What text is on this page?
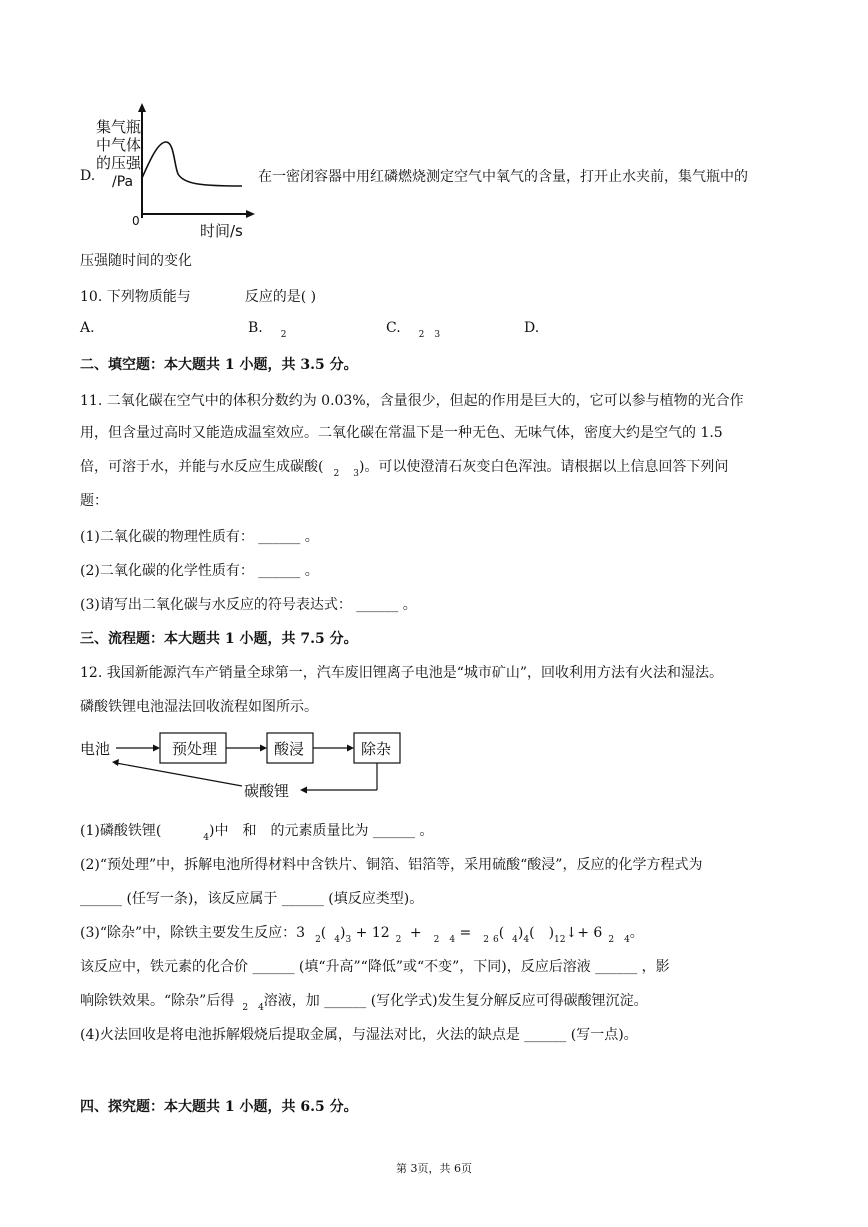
D.
集气瓶
中气体
的压强
/Pa
0
时间/s
在一密闭容器中用红磷燃烧测定空气中氧气的含量，打开止水夹前，集气瓶中的
压强随时间的变化
10. 下列物质能与	反应的是( )
A.	B. $_2$	C. $_2$ $_3$	D.
二、填空题：本大题共 1 小题，共 3.5 分。
11. 二氧化碳在空气中的体积分数约为 0.03%，含量很少，但起的作用是巨大的，它可以参与植物的光合作
用，但含量过高时又能造成温室效应。二氧化碳在常温下是一种无色、无味气体，密度大约是空气的 1.5
倍，可溶于水，并能与水反应生成碳酸( $_2$ $_3$)。可以使澄清石灰变白色浑浊。请根据以上信息回答下列问
题：
(1)二氧化碳的物理性质有： ______ 。
(2)二氧化碳的化学性质有： ______ 。
(3)请写出二氧化碳与水反应的符号表达式： ______ 。
三、流程题：本大题共 1 小题，共 7.5 分。
12. 我国新能源汽车产销量全球第一，汽车废旧锂离子电池是“城市矿山”，回收利用方法有火法和湿法。
磷酸铁锂电池湿法回收流程如图所示。
电池	预处理	酸浸	除杂
碳酸锂
(1)磷酸铁锂(	$_4$)中 和 的元素质量比为 ______ 。
(2)“预处理”中，拆解电池所得材料中含铁片、铜箔、铝箔等，采用硫酸“酸浸”，反应的化学方程式为
______ (任写一条)，该反应属于 ______ (填反应类型)。
(3)“除杂”中，除铁主要发生反应：3 $_2$( $_4)_3 + 12$ $_2$ + $_2$ $_4$ = $_2$ $_6$( $_4)_4$( )$_{12}↓+ 6$ $_2$ $_4$。
该反应中，铁元素的化合价 ______ (填“升高”“降低”或“不变”，下同)，反应后溶液 ______ ，影
响除铁效果。“除杂”后得 $_2$ $_4$溶液，加 ______ (写化学式)发生复分解反应可得碳酸锂沉淀。
(4)火法回收是将电池拆解煅烧后提取金属，与湿法对比，火法的缺点是 ______ (写一点)。
四、探究题：本大题共 1 小题，共 6.5 分。
第 3页，共 6页
